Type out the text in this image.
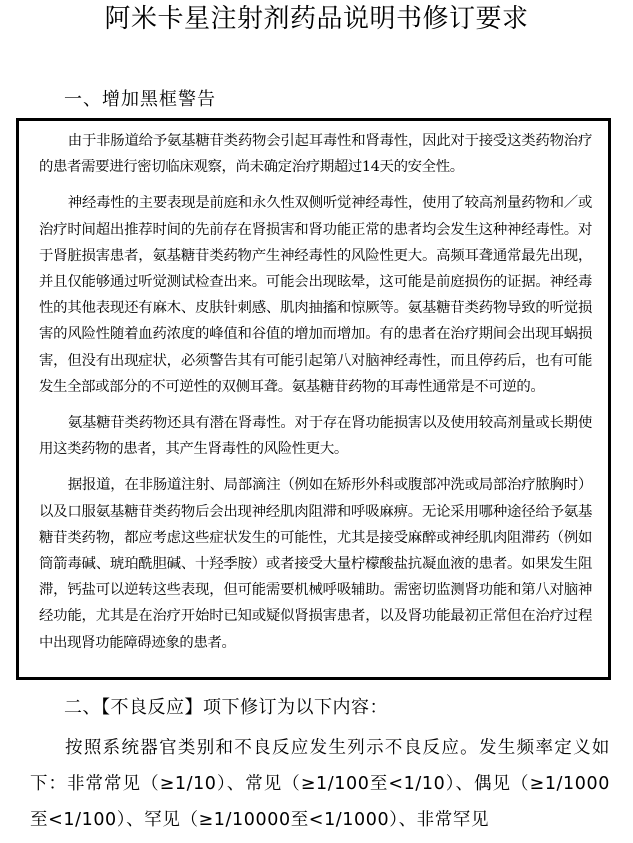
阿米卡星注射剂药品说明书修订要求
一、增加黑框警告

由于非肠道给予氨基糖苷类药物会引起耳毒性和肾毒性，因此对于接受这类药物治疗的患者需要进行密切临床观察，尚未确定治疗期超过14天的安全性。

神经毒性的主要表现是前庭和永久性双侧听觉神经毒性，使用了较高剂量药物和／或治疗时间超出推荐时间的先前存在肾损害和肾功能正常的患者均会发生这种神经毒性。对于肾脏损害患者，氨基糖苷类药物产生神经毒性的风险性更大。高频耳聋通常最先出现，并且仅能够通过听觉测试检查出来。可能会出现眩晕，这可能是前庭损伤的证据。神经毒性的其他表现还有麻木、皮肤针刺感、肌肉抽搐和惊厥等。氨基糖苷类药物导致的听觉损害的风险性随着血药浓度的峰值和谷值的增加而增加。有的患者在治疗期间会出现耳蜗损害，但没有出现症状，必须警告其有可能引起第八对脑神经毒性，而且停药后，也有可能发生全部或部分的不可逆性的双侧耳聋。氨基糖苷药物的耳毒性通常是不可逆的。

氨基糖苷类药物还具有潜在肾毒性。对于存在肾功能损害以及使用较高剂量或长期使用这类药物的患者，其产生肾毒性的风险性更大。

据报道，在非肠道注射、局部滴注（例如在矫形外科或腹部冲洗或局部治疗脓胸时）以及口服氨基糖苷类药物后会出现神经肌肉阻滞和呼吸麻痹。无论采用哪种途径给予氨基糖苷类药物，都应考虑这些症状发生的可能性，尤其是接受麻醉或神经肌肉阻滞药（例如筒箭毒碱、琥珀酰胆碱、十羟季胺）或者接受大量柠檬酸盐抗凝血液的患者。如果发生阻滞，钙盐可以逆转这些表现，但可能需要机械呼吸辅助。需密切监测肾功能和第八对脑神经功能，尤其是在治疗开始时已知或疑似肾损害患者，以及肾功能最初正常但在治疗过程中出现肾功能障碍迹象的患者。

二、【不良反应】项下修订为以下内容：
按照系统器官类别和不良反应发生列示不良反应。发生频率定义如下：非常常见（≥1/10）、常见（≥1/100至<1/10）、偶见（≥1/1000至<1/100）、罕见（≥1/10000至<1/1000）、非常罕见
